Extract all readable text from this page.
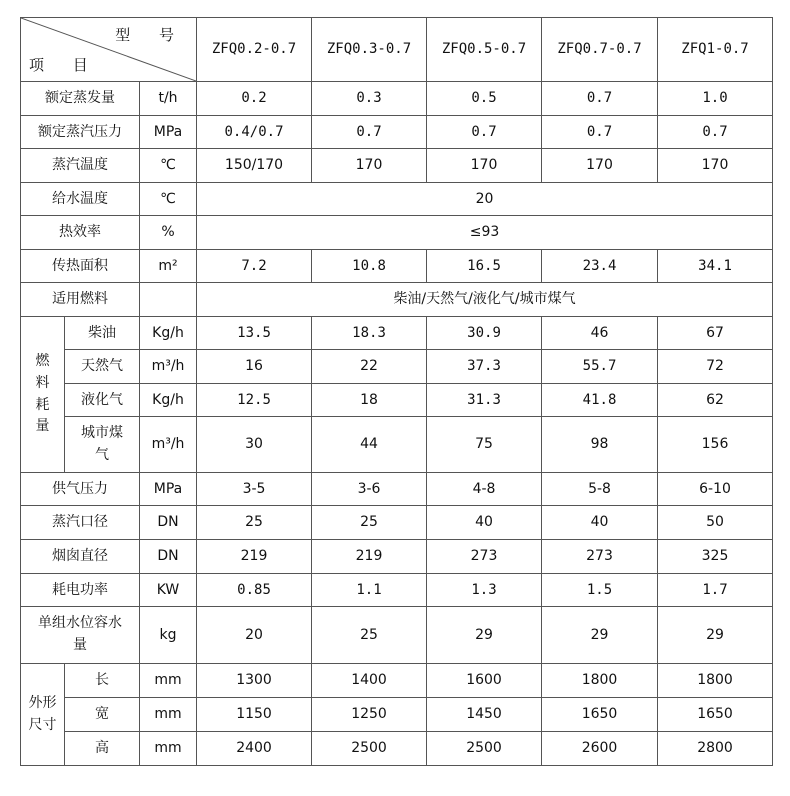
型 号
项 目			ZFQ0.2-0.7	ZFQ0.3-0.7	ZFQ0.5-0.7	ZFQ0.7-0.7	ZFQ1-0.7
额定蒸发量		t/h	0.2	0.3	0.5	0.7	1.0
额定蒸汽压力		MPa	0.4/0.7	0.7	0.7	0.7	0.7
蒸汽温度		℃	150/170	170	170	170	170
给水温度		℃	20				
热效率		%	≤93				
传热面积		m²	7.2	10.8	16.5	23.4	34.1
适用燃料			柴油/天然气/液化气/城市煤气				

燃
料
耗
量	柴油	Kg/h	13.5	18.3	30.9	46	67
	天然气	m³/h	16	22	37.3	55.7	72
	液化气	Kg/h	12.5	18	31.3	41.8	62

	城市煤
气	m³/h	30	44	75	98	156
供气压力		MPa	3-5	3-6	4-8	5-8	6-10
蒸汽口径		DN	25	25	40	40	50
烟囱直径		DN	219	219	273	273	325
耗电功率		KW	0.85	1.1	1.3	1.5	1.7

单组水位容水
量		kg	20	25	29	29	29

外形
尺寸	长	mm	1300	1400	1600	1800	1800
	宽	mm	1150	1250	1450	1650	1650
	高	mm	2400	2500	2500	2600	2800
